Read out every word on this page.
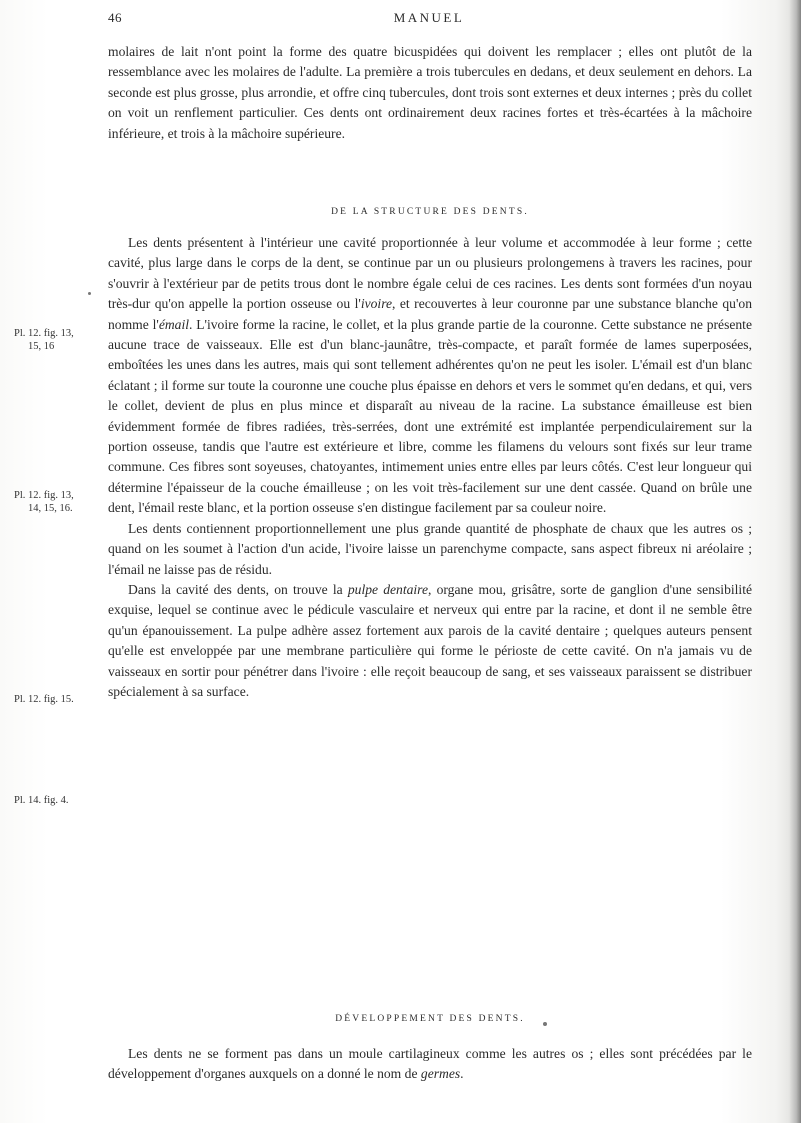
46	MANUEL

molaires de lait n'ont point la forme des quatre bicuspidées qui doivent les remplacer ; elles ont plutôt de la ressemblance avec les molaires de l'adulte. La première a trois tubercules en dedans, et deux seulement en dehors. La seconde est plus grosse, plus arrondie, et offre cinq tubercules, dont trois sont externes et deux internes ; près du collet on voit un renflement particulier. Ces dents ont ordinairement deux racines fortes et très-écartées à la mâchoire inférieure, et trois à la mâchoire supérieure.

DE LA STRUCTURE DES DENTS.

Les dents présentent à l'intérieur une cavité proportionnée à leur volume et accommodée à leur forme ; cette cavité, plus large dans le corps de la dent, se continue par un ou plusieurs prolongemens à travers les racines, pour s'ouvrir à l'extérieur par de petits trous dont le nombre égale celui de ces racines. Les dents sont formées d'un noyau très-dur qu'on appelle la portion osseuse ou l'ivoire, et recouvertes à leur couronne par une substance blanche qu'on nomme l'émail. L'ivoire forme la racine, le collet, et la plus grande partie de la couronne. Cette substance ne présente aucune trace de vaisseaux. Elle est d'un blanc-jaunâtre, très-compacte, et paraît formée de lames superposées, emboîtées les unes dans les autres, mais qui sont tellement adhérentes qu'on ne peut les isoler. L'émail est d'un blanc éclatant ; il forme sur toute la couronne une couche plus épaisse en dehors et vers le sommet qu'en dedans, et qui, vers le collet, devient de plus en plus mince et disparaît au niveau de la racine. La substance émailleuse est bien évidemment formée de fibres radiées, très-serrées, dont une extrémité est implantée perpendiculairement sur la portion osseuse, tandis que l'autre est extérieure et libre, comme les filamens du velours sont fixés sur leur trame commune. Ces fibres sont soyeuses, chatoyantes, intimement unies entre elles par leurs côtés. C'est leur longueur qui détermine l'épaisseur de la couche émailleuse ; on les voit très-facilement sur une dent cassée. Quand on brûle une dent, l'émail reste blanc, et la portion osseuse s'en distingue facilement par sa couleur noire.

Les dents contiennent proportionnellement une plus grande quantité de phosphate de chaux que les autres os ; quand on les soumet à l'action d'un acide, l'ivoire laisse un parenchyme compacte, sans aspect fibreux ni aréolaire ; l'émail ne laisse pas de résidu.

Dans la cavité des dents, on trouve la pulpe dentaire, organe mou, grisâtre, sorte de ganglion d'une sensibilité exquise, lequel se continue avec le pédicule vasculaire et nerveux qui entre par la racine, et dont il ne semble être qu'un épanouissement. La pulpe adhère assez fortement aux parois de la cavité dentaire ; quelques auteurs pensent qu'elle est enveloppée par une membrane particulière qui forme le périoste de cette cavité. On n'a jamais vu de vaisseaux en sortir pour pénétrer dans l'ivoire : elle reçoit beaucoup de sang, et ses vaisseaux paraissent se distribuer spécialement à sa surface.

DÉVELOPPEMENT DES DENTS.

Les dents ne se forment pas dans un moule cartilagineux comme les autres os ; elles sont précédées par le développement d'organes auxquels on a donné le nom de germes.

Pl. 12. fig. 13,
15, 16
Pl. 12. fig. 13,
14, 15, 16.
Pl. 12. fig. 15.
Pl. 14. fig. 4.
